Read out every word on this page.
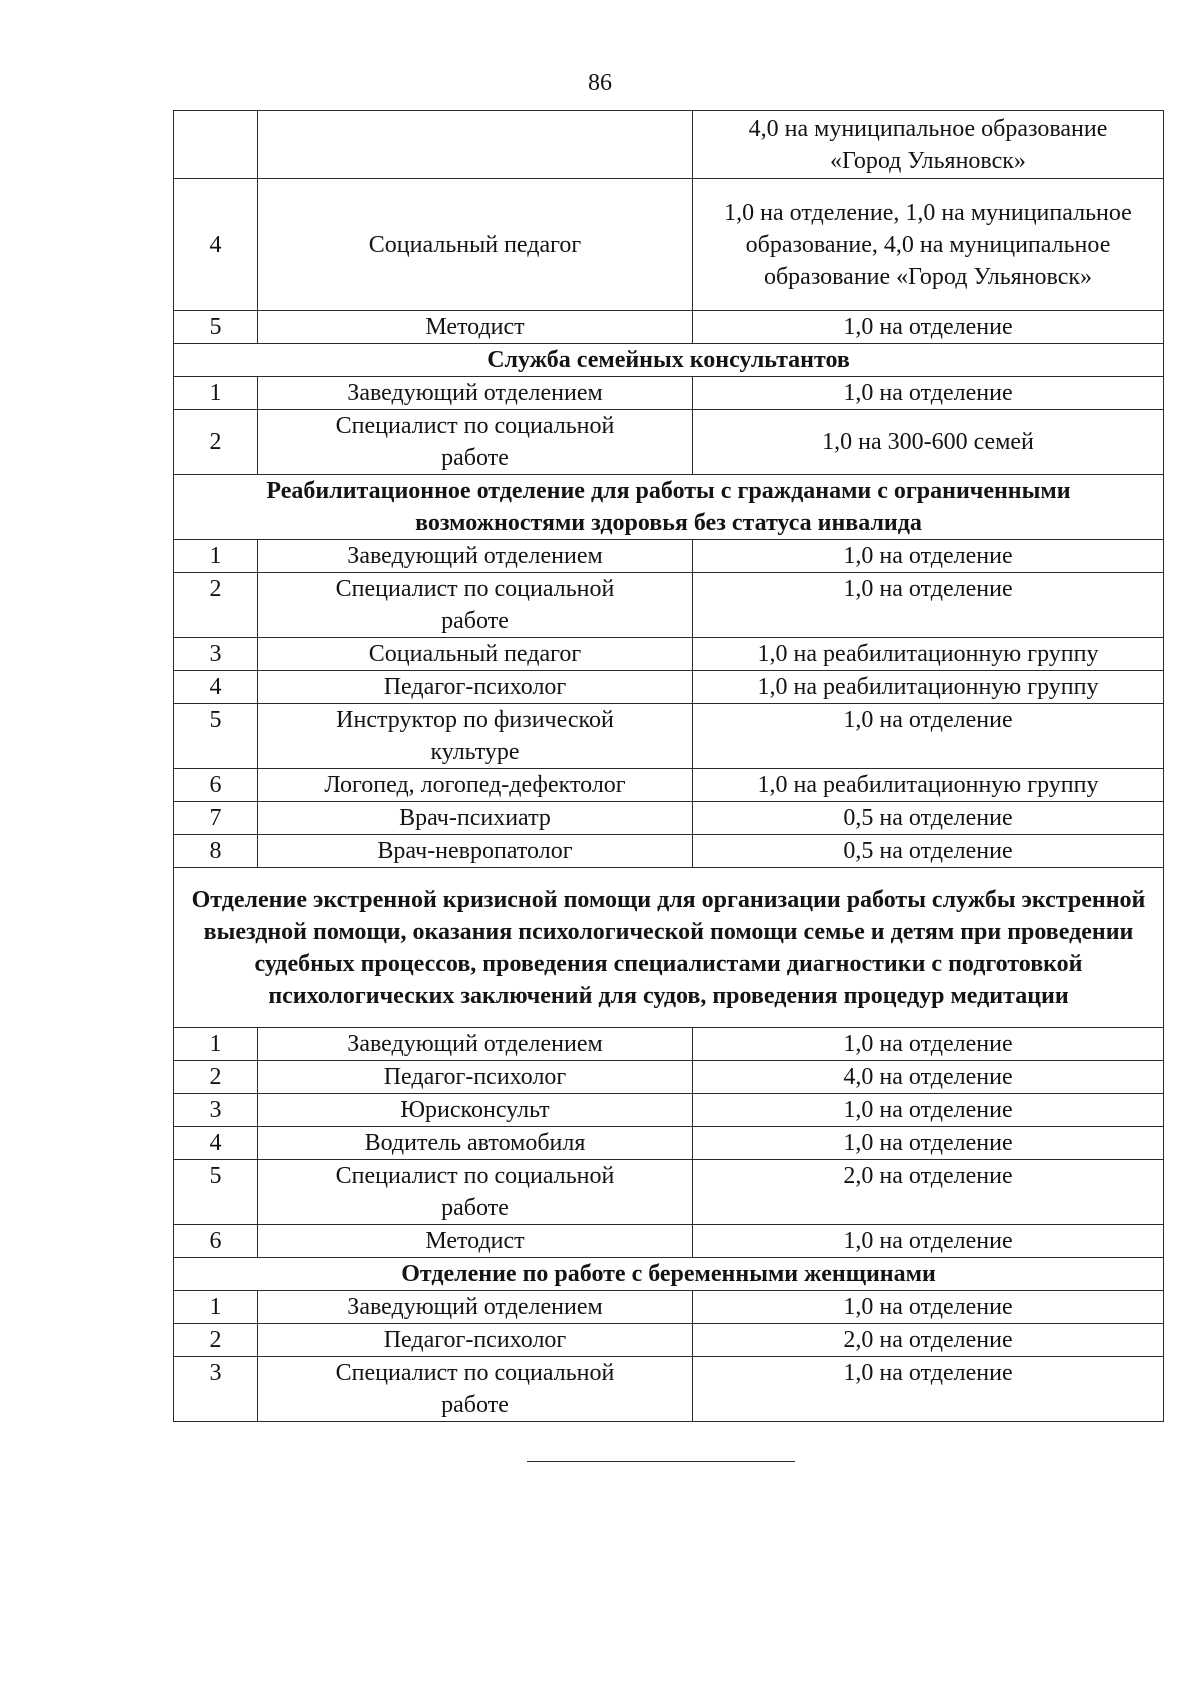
86
		4,0 на муниципальное образование «Город Ульяновск»
4	Социальный педагог	1,0 на отделение, 1,0 на муниципальное образование, 4,0 на муниципальное образование «Город Ульяновск»
5	Методист	1,0 на отделение
Служба семейных консультантов		
1	Заведующий отделением	1,0 на отделение
2	Специалист по социальной работе	1,0 на 300-600 семей
Реабилитационное отделение для работы с гражданами с ограниченными возможностями здоровья без статуса инвалида		
1	Заведующий отделением	1,0 на отделение
2	Специалист по социальной работе	1,0 на отделение
3	Социальный педагог	1,0 на реабилитационную группу
4	Педагог-психолог	1,0 на реабилитационную группу
5	Инструктор по физической культуре	1,0 на отделение
6	Логопед, логопед-дефектолог	1,0 на реабилитационную группу
7	Врач-психиатр	0,5 на отделение
8	Врач-невропатолог	0,5 на отделение
Отделение экстренной кризисной помощи для организации работы службы экстренной выездной помощи, оказания психологической помощи семье и детям при проведении судебных процессов, проведения специалистами диагностики с подготовкой психологических заключений для судов, проведения процедур медитации		
1	Заведующий отделением	1,0 на отделение
2	Педагог-психолог	4,0 на отделение
3	Юрисконсульт	1,0 на отделение
4	Водитель автомобиля	1,0 на отделение
5	Специалист по социальной работе	2,0 на отделение
6	Методист	1,0 на отделение
Отделение по работе с беременными женщинами		
1	Заведующий отделением	1,0 на отделение
2	Педагог-психолог	2,0 на отделение
3	Специалист по социальной работе	1,0 на отделение
